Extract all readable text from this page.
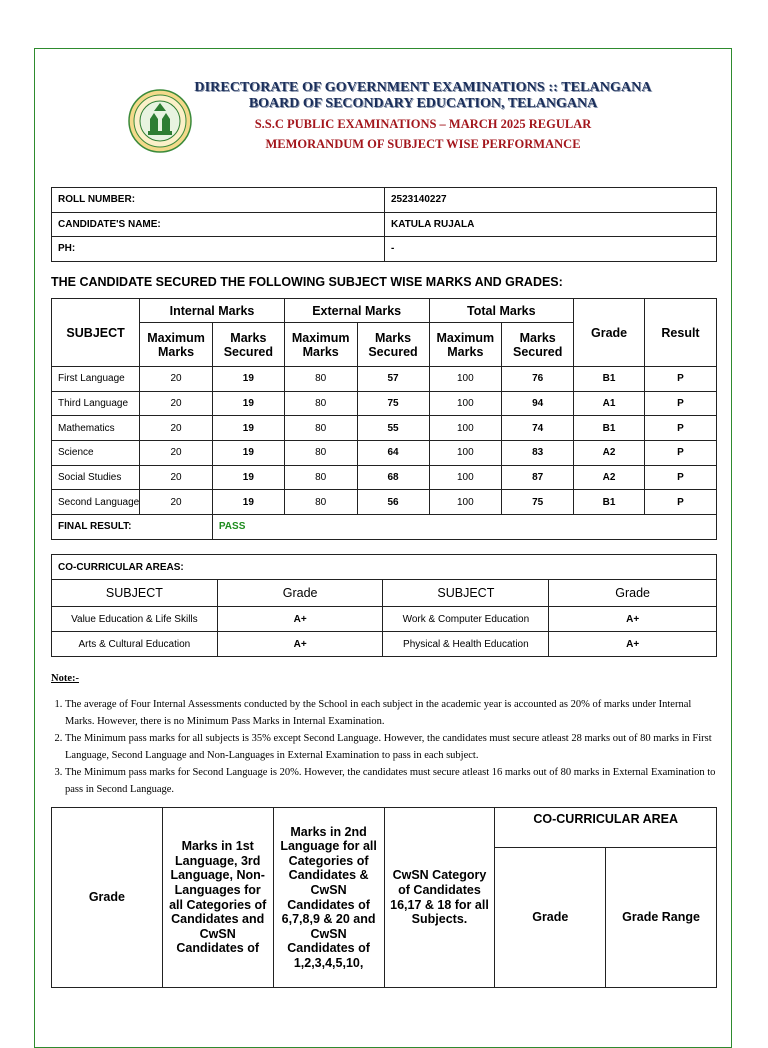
DIRECTORATE OF GOVERNMENT EXAMINATIONS :: TELANGANA
BOARD OF SECONDARY EDUCATION, TELANGANA
S.S.C PUBLIC EXAMINATIONS – MARCH 2025 REGULAR
MEMORANDUM OF SUBJECT WISE PERFORMANCE
ROLL NUMBER:	2523140227
CANDIDATE'S NAME:	KATULA RUJALA
PH:	-
THE CANDIDATE SECURED THE FOLLOWING SUBJECT WISE MARKS AND GRADES:
SUBJECT	Internal Marks		External Marks		Total Marks		Grade	Result
	Maximum Marks	Marks Secured	Maximum Marks	Marks Secured	Maximum Marks	Marks Secured		
First Language	20	19	80	57	100	76	B1	P
Third Language	20	19	80	75	100	94	A1	P
Mathematics	20	19	80	55	100	74	B1	P
Science	20	19	80	64	100	83	A2	P
Social Studies	20	19	80	68	100	87	A2	P
Second Language	20	19	80	56	100	75	B1	P
FINAL RESULT:		PASS						
CO-CURRICULAR AREAS:			
SUBJECT	Grade	SUBJECT	Grade
Value Education & Life Skills	A+	Work & Computer Education	A+
Arts & Cultural Education	A+	Physical & Health Education	A+
Note:-
1. The average of Four Internal Assessments conducted by the School in each subject in the academic year is accounted as 20% of marks under Internal Marks. However, there is no Minimum Pass Marks in Internal Examination.
2. The Minimum pass marks for all subjects is 35% except Second Language. However, the candidates must secure atleast 28 marks out of 80 marks in First Language, Second Language and Non-Languages in External Examination to pass in each subject.
3. The Minimum pass marks for Second Language is 20%. However, the candidates must secure atleast 16 marks out of 80 marks in External Examination to pass in Second Language.
Grade	Marks in 1st Language, 3rd Language, Non-Languages for all Categories of Candidates and CwSN Candidates of	Marks in 2nd Language for all Categories of Candidates & CwSN Candidates of 6,7,8,9 & 20 and CwSN Candidates of 1,2,3,4,5,10,	CwSN Category of Candidates 16,17 & 18 for all Subjects.	CO-CURRICULAR AREA	
				Grade	Grade Range
